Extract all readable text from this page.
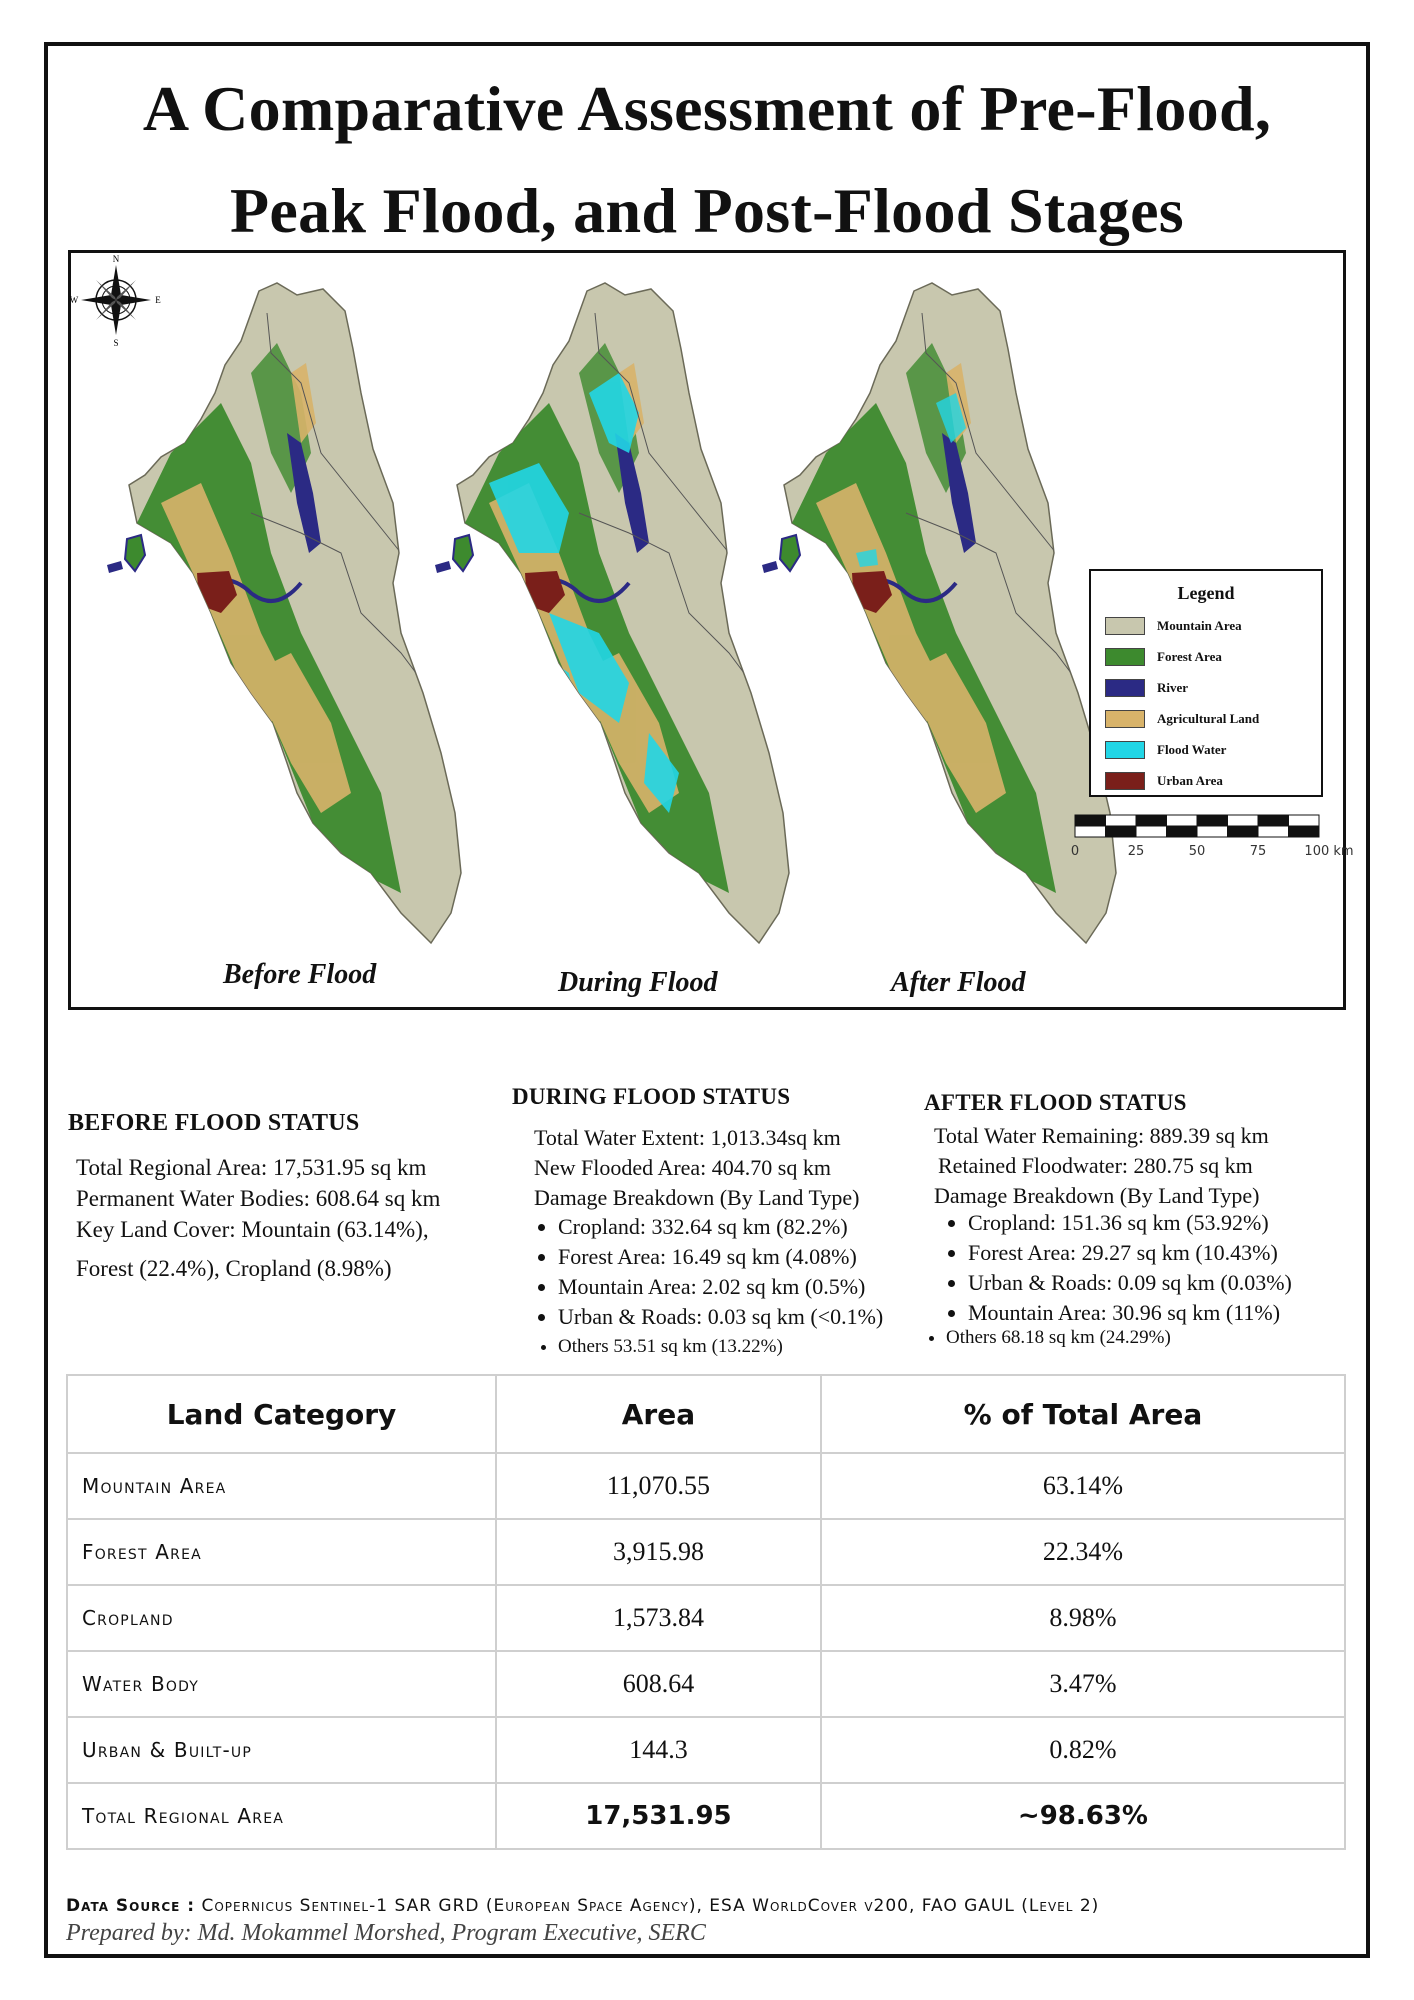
A Comparative Assessment of Pre-Flood,
Peak Flood, and Post-Flood Stages
Before Flood	During Flood	After Flood
N
S
E
W
Legend
Mountain Area
Forest Area
River
Agricultural Land
Flood Water
Urban Area
0	25	50	75	100 km
BEFORE FLOOD STATUS
Total Regional Area: 17,531.95 sq km
Permanent Water Bodies: 608.64 sq km
Key Land Cover: Mountain (63.14%),
Forest (22.4%), Cropland (8.98%)
DURING FLOOD STATUS
Total Water Extent: 1,013.34sq km
New Flooded Area: 404.70 sq km
Damage Breakdown (By Land Type)
• Cropland: 332.64 sq km (82.2%)
• Forest Area: 16.49 sq km (4.08%)
• Mountain Area: 2.02 sq km (0.5%)
• Urban & Roads: 0.03 sq km (<0.1%)
• Others 53.51 sq km (13.22%)
AFTER FLOOD STATUS
Total Water Remaining: 889.39 sq km
Retained Floodwater: 280.75 sq km
Damage Breakdown (By Land Type)
• Cropland: 151.36 sq km (53.92%)
• Forest Area: 29.27 sq km (10.43%)
• Urban & Roads: 0.09 sq km (0.03%)
• Mountain Area: 30.96 sq km (11%)
• Others 68.18 sq km (24.29%)
Land Category	Area	% of Total Area
Mountain Area	11,070.55	63.14%
Forest Area	3,915.98	22.34%
Cropland	1,573.84	8.98%
Water Body	608.64	3.47%
Urban & Built-up	144.3	0.82%
Total Regional Area	17,531.95	~98.63%
Data Source : Copernicus Sentinel-1 SAR GRD (European Space Agency), ESA WorldCover v200, FAO GAUL (Level 2)
Prepared by: Md. Mokammel Morshed, Program Executive, SERC
